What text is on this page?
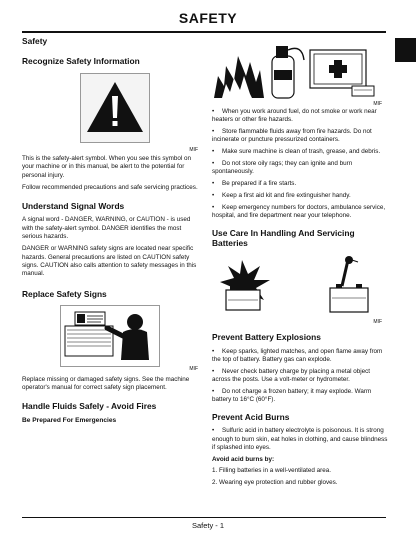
SAFETY
Safety
Recognize Safety Information
MIF

This is the safety-alert symbol. When you see this symbol on your machine or in this manual, be alert to the potential for personal injury.

Follow recommended precautions and safe servicing practices.

Understand Signal Words

A signal word - DANGER, WARNING, or CAUTION - is used with the safety-alert symbol. DANGER identifies the most serious hazards.

DANGER or WARNING safety signs are located near specific hazards. General precautions are listed on CAUTION safety signs. CAUTION also calls attention to safety messages in this manual.

Replace Safety Signs
MIF

Replace missing or damaged safety signs. See the machine operator's manual for correct safety sign placement.

Handle Fluids Safely - Avoid Fires
Be Prepared For Emergencies
MIF
• When you work around fuel, do not smoke or work near heaters or other fire hazards.
• Store flammable fluids away from fire hazards. Do not incinerate or puncture pressurized containers.
• Make sure machine is clean of trash, grease, and debris.
• Do not store oily rags; they can ignite and burn spontaneously.
• Be prepared if a fire starts.
• Keep a first aid kit and fire extinguisher handy.
• Keep emergency numbers for doctors, ambulance service, hospital, and fire department near your telephone.
Use Care In Handling And Servicing Batteries
MIF
Prevent Battery Explosions
• Keep sparks, lighted matches, and open flame away from the top of battery. Battery gas can explode.
• Never check battery charge by placing a metal object across the posts. Use a volt-meter or hydrometer.
• Do not charge a frozen battery; it may explode. Warm battery to 16°C (60°F).
Prevent Acid Burns
• Sulfuric acid in battery electrolyte is poisonous. It is strong enough to burn skin, eat holes in clothing, and cause blindness if splashed into eyes.
Avoid acid burns by:

1. Filling batteries in a well-ventilated area.

2. Wearing eye protection and rubber gloves.

Safety - 1
